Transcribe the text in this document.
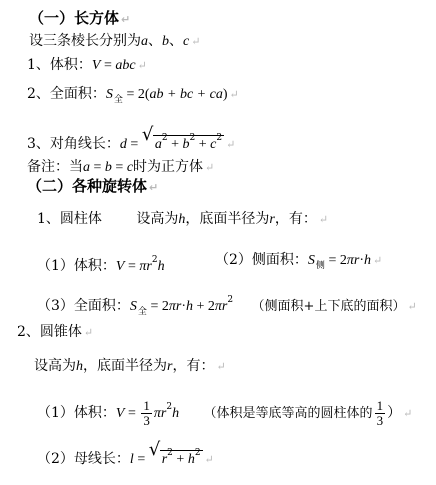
（一）长方体 ↵
设三条棱长分别为a、b、c ↵
1、体积：V = abc ↵
2、全面积：$S_全 = 2(ab$ + bc + ca) ↵
3、对角线长：d = √ $a^2 + b^2 + c^2$ ↵
备注：当a = b = c时为正方体 ↵
（二）各种旋转体 ↵
1、圆柱体 设高为h，底面半径为r，有： ↵
（1）体积：$V = \pi r^2h$	（2）侧面积：$S_侧 = 2\pi r\cdot h$ ↵
（3）全面积：$S_全 = 2\pi r\cdot h + 2\pi r^2$ （侧面积+上下底的面积） ↵
2、圆锥体 ↵
设高为h，底面半径为r，有： ↵
（1）体积：$V = \frac{1}{3} \pi r^2h$ （体积是等底等高的圆柱体的 $\frac{1}{3}$ ） ↵
（2）母线长：l = √ $r^2 + h^2$ ↵
